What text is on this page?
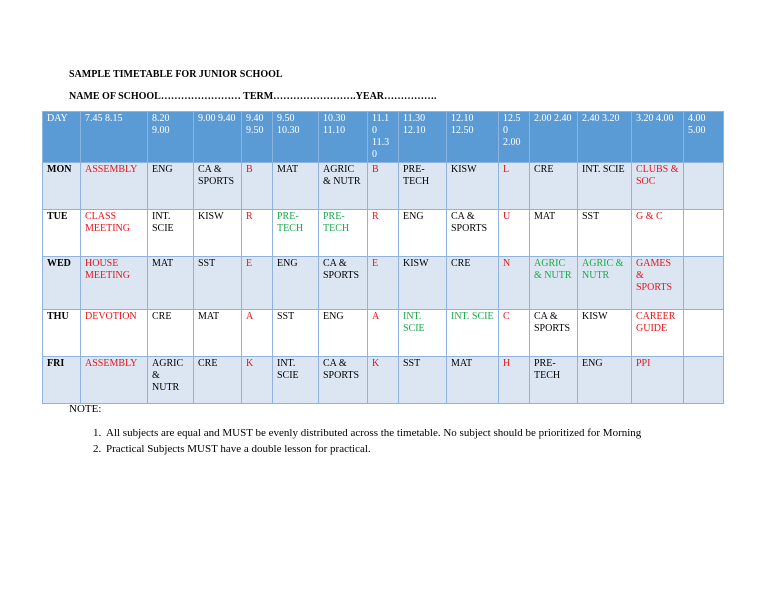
SAMPLE TIMETABLE FOR JUNIOR SCHOOL
NAME OF SCHOOL…………………… TERM…………………….YEAR…………….
DAY	7.45 8.15	8.20 9.00	9.00 9.40	9.40 9.50	9.50 10.30	10.30 11.10	11.10 11.30	11.30 12.10	12.10 12.50	12.50 2.00	2.00 2.40	2.40 3.20	3.20 4.00	4.00 5.00
MON	ASSEMBLY	ENG	CA & SPORTS	B	MAT	AGRIC & NUTR	B	PRE-TECH	KISW	L	CRE	INT. SCIE	CLUBS & SOC	
TUE	CLASS MEETING	INT. SCIE	KISW	R	PRE-TECH	PRE-TECH	R	ENG	CA & SPORTS	U	MAT	SST	G & C	
WED	HOUSE MEETING	MAT	SST	E	ENG	CA & SPORTS	E	KISW	CRE	N	AGRIC & NUTR	AGRIC & NUTR	GAMES & SPORTS	
THU	DEVOTION	CRE	MAT	A	SST	ENG	A	INT. SCIE	INT. SCIE	C	CA & SPORTS	KISW	CAREER GUIDE	
FRI	ASSEMBLY	AGRIC & NUTR	CRE	K	INT. SCIE	CA & SPORTS	K	SST	MAT	H	PRE-TECH	ENG	PPI	
NOTE:
1. All subjects are equal and MUST be evenly distributed across the timetable. No subject should be prioritized for Morning
2. Practical Subjects MUST have a double lesson for practical.
